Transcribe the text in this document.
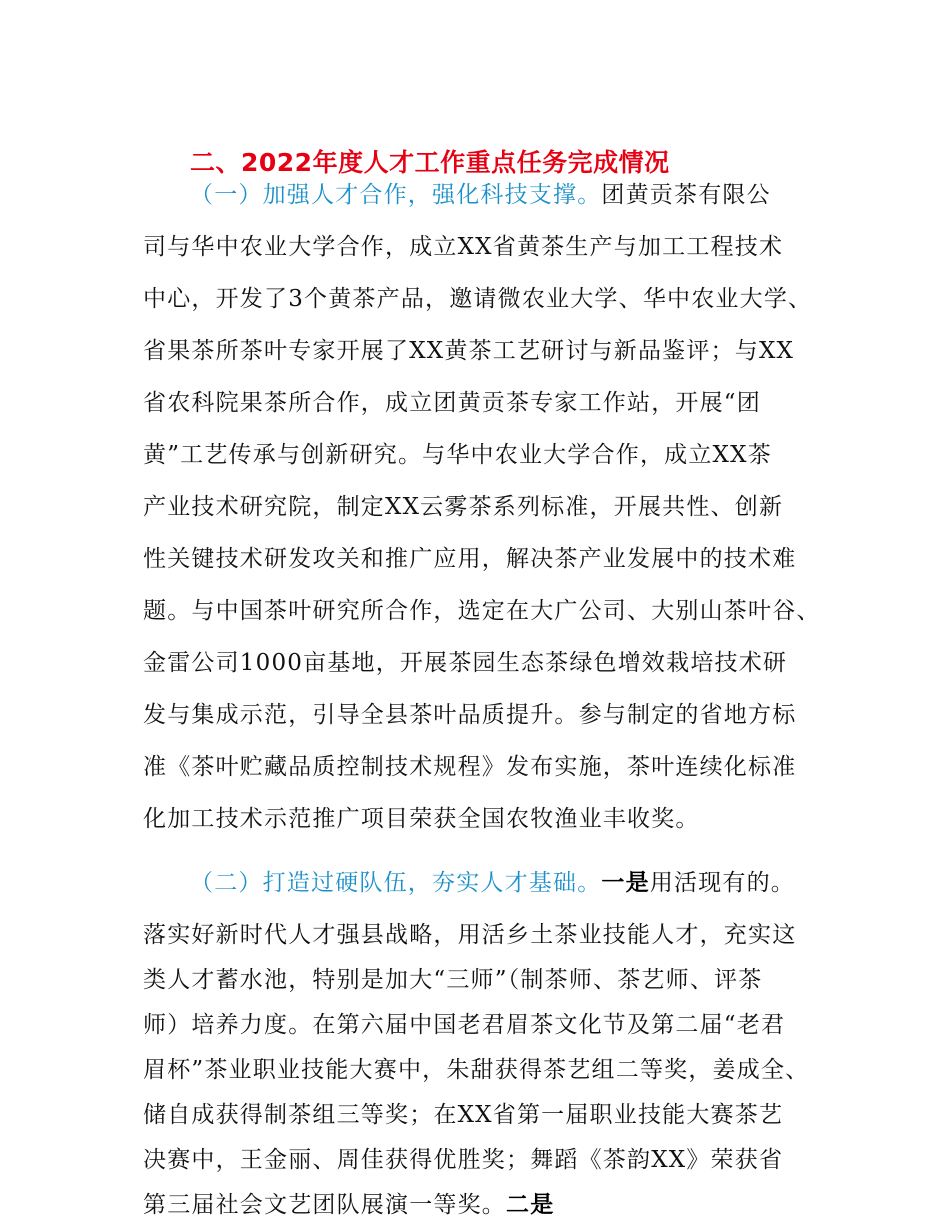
二、2022年度人才工作重点任务完成情况
（一）加强人才合作，强化科技支撑。团黄贡茶有限公
司与华中农业大学合作，成立XX省黄茶生产与加工工程技术
中心，开发了3个黄茶产品，邀请微农业大学、华中农业大学、
省果茶所茶叶专家开展了XX黄茶工艺研讨与新品鉴评；与XX
省农科院果茶所合作，成立团黄贡茶专家工作站，开展“团
黄”工艺传承与创新研究。与华中农业大学合作，成立XX茶
产业技术研究院，制定XX云雾茶系列标准，开展共性、创新
性关键技术研发攻关和推广应用，解决茶产业发展中的技术难
题。与中国茶叶研究所合作，选定在大广公司、大别山茶叶谷、
金雷公司1000亩基地，开展茶园生态茶绿色增效栽培技术研
发与集成示范，引导全县茶叶品质提升。参与制定的省地方标
准《茶叶贮藏品质控制技术规程》发布实施，茶叶连续化标准
化加工技术示范推广项目荣获全国农牧渔业丰收奖。
（二）打造过硬队伍，夯实人才基础。一是用活现有的。
落实好新时代人才强县战略，用活乡土茶业技能人才，充实这
类人才蓄水池，特别是加大“三师”（制茶师、茶艺师、评茶
师）培养力度。在第六届中国老君眉茶文化节及第二届“老君
眉杯”茶业职业技能大赛中，朱甜获得茶艺组二等奖，姜成全、
储自成获得制茶组三等奖；在XX省第一届职业技能大赛茶艺
决赛中，王金丽、周佳获得优胜奖；舞蹈《茶韵XX》荣获省
第三届社会文艺团队展演一等奖。二是
